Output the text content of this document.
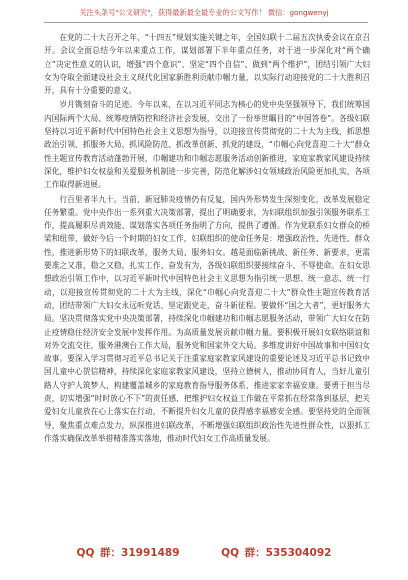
关注头条号"公文研究"，获得最新最全最专业的公文写作！ 微信：gongwenyj

在党的二十大召开之年，“十四五”规划实施关键之年，全国妇联十二届五次执委会议在京召开。会议全面总结今年以来重点工作，谋划部署下半年重点任务，对于进一步深化对“两个确立”决定性意义的认识，增强“四个意识”、坚定“四个自信”、做到“两个维护”，团结引领广大妇女为夺取全面建设社会主义现代化国家新胜利贡献巾帼力量，以实际行动迎接党的二十大胜利召开，具有十分重要的意义。

岁月镌刻奋斗的足迹。今年以来，在以习近平同志为核心的党中央坚强领导下，我们统筹国内国际两个大局、统筹疫情防控和经济社会发展，交出了一份举世瞩目的“中国答卷”。各级妇联坚持以习近平新时代中国特色社会主义思想为指导，以迎接宣传贯彻党的二十大为主线，抓思想政治引领、抓服务大局、抓风险防范、抓改革创新、抓党的建设，“巾帼心向党喜迎二十大”群众性主题宣传教育活动蓬勃开展，巾帼建功和巾帼志愿服务活动创新推进，家庭家教家风建设持续深化，维护妇女权益和关爱服务机制进一步完善，防范化解涉妇女领域政治风险更加扎实，各项工作取得新进展。

行百里者半九十。当前，新冠肺炎疫情仍有反复，国内外形势发生深刻变化，改革发展稳定任务繁重。党中央作出一系列重大决策部署，提出了明确要求，为妇联组织加强引领服务联系工作，提高履职尽责效能、谋划落实各项任务指明了方向，提供了遵循。作为党联系妇女群众的桥梁和纽带，做好今后一个时期的妇女工作，妇联组织的使命任务是：增强政治性、先进性、群众性，推进新形势下的妇联改革，服务大局、服务妇女。越是面临新挑战、新任务、新要求，更需要准之又准，稳之又稳，扎实工作、奋发有为，各级妇联组织要接续奋斗、不辱使命。在妇女思想政治引领工作中，以习近平新时代中国特色社会主义思想为指引统一思想、统一意志、统一行动，以迎接宣传贯彻党的二十大为主线，深化“巾帼心向党喜迎二十大”群众性主题宣传教育活动，团结带领广大妇女永远听党话、坚定跟党走，奋斗新征程。要做怀“国之大者”，更好服务大局。坚决贯彻落实党中央决策部署，持续深化巾帼建功和巾帼志愿服务活动，带领广大妇女在防止疫情稳住经济安全发展中发挥作用。为高质量发展贡献巾帼力量。要积极开展妇女联络联谊和对外交流交往，服务港澳台工作大局，服务党和国家外交大局。多维度讲好中国故事和中国妇女故事。要深入学习贯彻习近平总书记关于注重家庭家教家风建设的重要论述及习近平总书记致中国儿童中心贺信精神，持续深化家庭家教家风建设，坚持立德树人，推动协同育人，当好儿童引路人守护人筑梦人，构建覆盖城乡的家庭教育指导服务体系，推进家家幸福安康。要勇于担当尽责，切实增强“时时放心不下”的责任感，把维护妇女权益工作做在平常抓在经常落到基层，把关爱妇女儿童放在心上落实在行动，不断提升妇女儿童的获得感幸福感安全感。要坚持党的全面领导，聚焦重点难点发力，纵深推进妇联改革，不断增强妇联组织政治性先进性群众性，以狠抓工作落实确保改革举措精准落实落地，推动时代妇女工作高质量发展。

QQ 群：31991489	QQ 群：535304092
